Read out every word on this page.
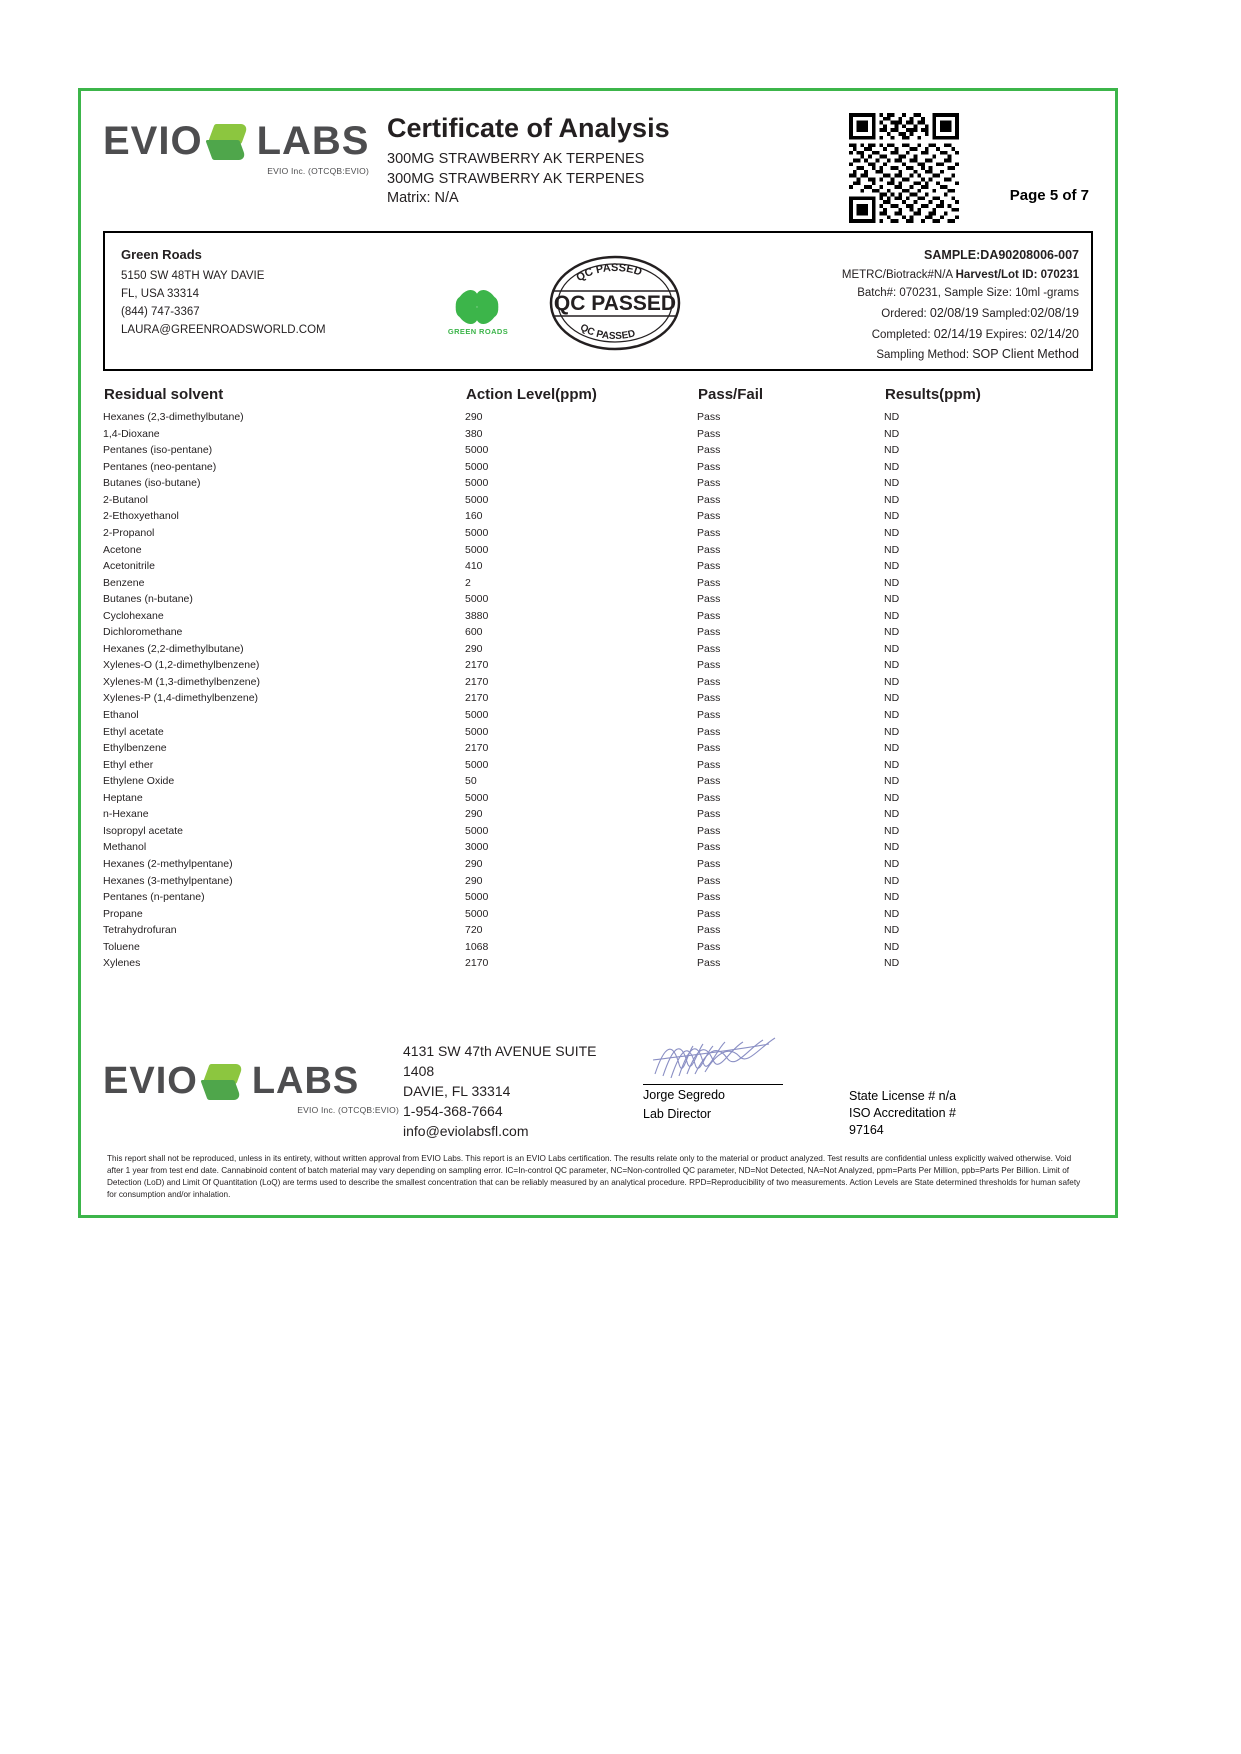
EVIO LABS
EVIO Inc. (OTCQB:EVIO)
Certificate of Analysis
300MG STRAWBERRY AK TERPENES
300MG STRAWBERRY AK TERPENES
Matrix: N/A	Page 5 of 7
Green Roads
5150 SW 48TH WAY DAVIE
FL, USA 33314
(844) 747-3367
LAURA@GREENROADSWORLD.COM	GREEN ROADS
QC PASSED
QC PASSED
QC PASSED
SAMPLE:DA90208006-007
METRC/Biotrack#N/A Harvest/Lot ID: 070231
Batch#: 070231, Sample Size: 10ml -grams
Ordered: 02/08/19 Sampled:02/08/19
Completed: 02/14/19 Expires: 02/14/20
Sampling Method: SOP Client Method
Residual solvent	Action Level(ppm)	Pass/Fail	Results(ppm)
Hexanes (2,3-dimethylbutane)	290	Pass	ND
1,4-Dioxane	380	Pass	ND
Pentanes (iso-pentane)	5000	Pass	ND
Pentanes (neo-pentane)	5000	Pass	ND
Butanes (iso-butane)	5000	Pass	ND
2-Butanol	5000	Pass	ND
2-Ethoxyethanol	160	Pass	ND
2-Propanol	5000	Pass	ND
Acetone	5000	Pass	ND
Acetonitrile	410	Pass	ND
Benzene	2	Pass	ND
Butanes (n-butane)	5000	Pass	ND
Cyclohexane	3880	Pass	ND
Dichloromethane	600	Pass	ND
Hexanes (2,2-dimethylbutane)	290	Pass	ND
Xylenes-O (1,2-dimethylbenzene)	2170	Pass	ND
Xylenes-M (1,3-dimethylbenzene)	2170	Pass	ND
Xylenes-P (1,4-dimethylbenzene)	2170	Pass	ND
Ethanol	5000	Pass	ND
Ethyl acetate	5000	Pass	ND
Ethylbenzene	2170	Pass	ND
Ethyl ether	5000	Pass	ND
Ethylene Oxide	50	Pass	ND
Heptane	5000	Pass	ND
n-Hexane	290	Pass	ND
Isopropyl acetate	5000	Pass	ND
Methanol	3000	Pass	ND
Hexanes (2-methylpentane)	290	Pass	ND
Hexanes (3-methylpentane)	290	Pass	ND
Pentanes (n-pentane)	5000	Pass	ND
Propane	5000	Pass	ND
Tetrahydrofuran	720	Pass	ND
Toluene	1068	Pass	ND
Xylenes	2170	Pass	ND
EVIO LABS
EVIO Inc. (OTCQB:EVIO)
4131 SW 47th AVENUE SUITE
1408
DAVIE, FL 33314
1-954-368-7664
info@eviolabsfl.com
Jorge Segredo
Lab Director
State License # n/a
ISO Accreditation #
97164
This report shall not be reproduced, unless in its entirety, without written approval from EVIO Labs. This report is an EVIO Labs certification. The results relate only to the material or product analyzed. Test results are confidential unless explicitly waived otherwise. Void after 1 year from test end date. Cannabinoid content of batch material may vary depending on sampling error. IC=In-control QC parameter, NC=Non-controlled QC parameter, ND=Not Detected, NA=Not Analyzed, ppm=Parts Per Million, ppb=Parts Per Billion. Limit of Detection (LoD) and Limit Of Quantitation (LoQ) are terms used to describe the smallest concentration that can be reliably measured by an analytical procedure. RPD=Reproducibility of two measurements. Action Levels are State determined thresholds for human safety for consumption and/or inhalation.
